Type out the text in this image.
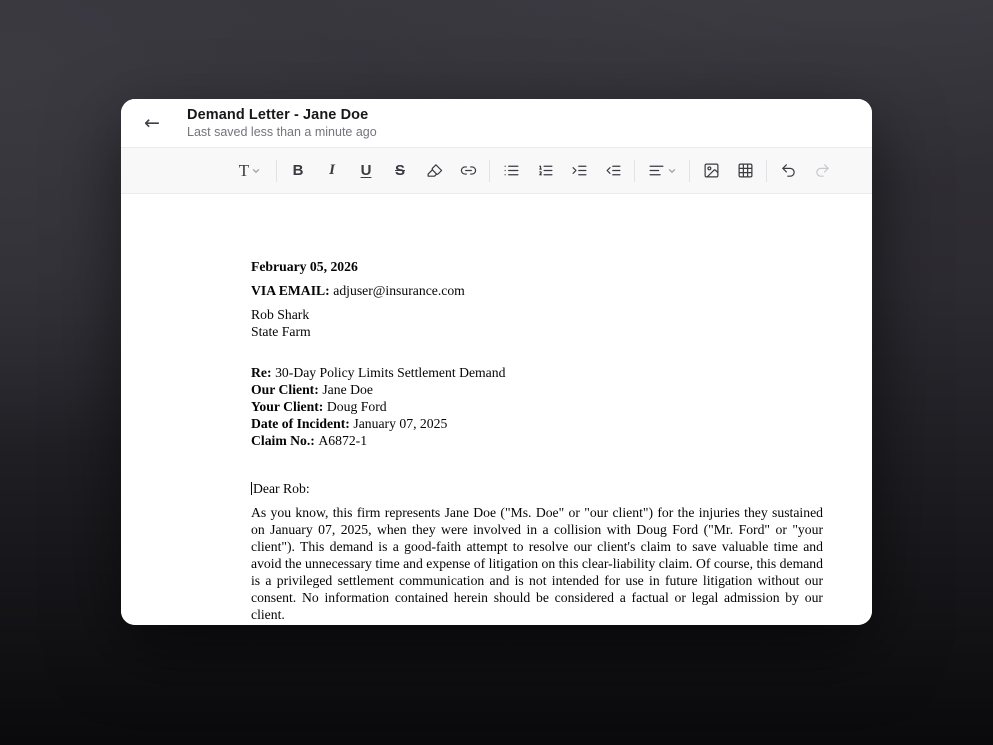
←	Demand Letter - Jane Doe
Last saved less than a minute ago
T	B I U S
February 05, 2026
VIA EMAIL: adjuser@insurance.com
Rob Shark
State Farm
Re: 30-Day Policy Limits Settlement Demand
Our Client: Jane Doe
Your Client: Doug Ford
Date of Incident: January 07, 2025
Claim No.: A6872-1
Dear Rob:
As you know, this firm represents Jane Doe ("Ms. Doe" or "our client") for the injuries they sustained on January 07, 2025, when they were involved in a collision with Doug Ford ("Mr. Ford" or "your client"). This demand is a good-faith attempt to resolve our client's claim to save valuable time and avoid the unnecessary time and expense of litigation on this clear-liability claim. Of course, this demand is a privileged settlement communication and is not intended for use in future litigation without our consent. No information contained herein should be considered a factual or legal admission by our client.
